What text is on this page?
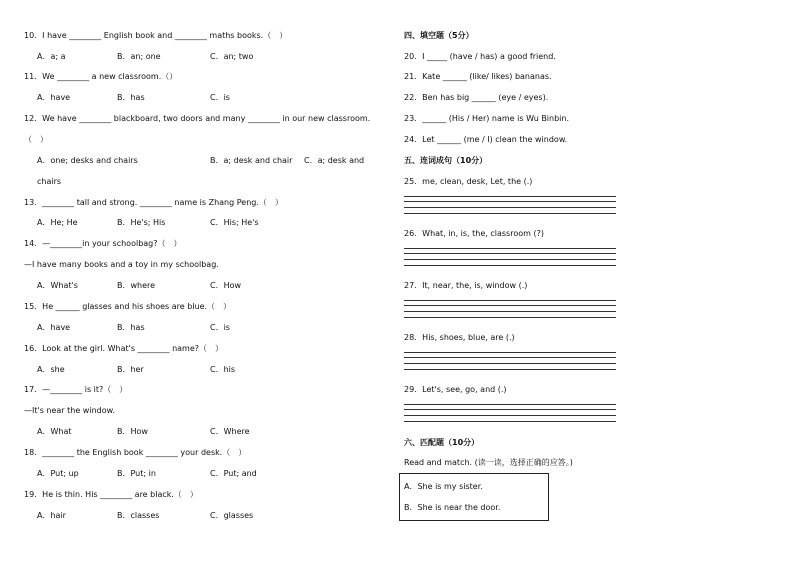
10．I have ________ English book and ________ maths books.（　）
A．a; a	B．an; one	C．an; two
11．We ________ a new classroom.（）
A．have	B．has	C．is
12．We have ________ blackboard, two doors and many ________ in our new classroom.
（　）
A．one; desks and chairs	B．a; desk and chair C．a; desk and
chairs
13．________ tall and strong. ________ name is Zhang Peng.（　）
A．He; He	B．He's; His	C．His; He's
14．—________in your schoolbag?（　）
—I have many books and a toy in my schoolbag.
A．What's	B．where	C．How
15．He ______ glasses and his shoes are blue.（　）
A．have	B．has	C．is
16．Look at the girl. What's ________ name?（　）
A．she	B．her	C．his
17．—________ is it?（　）
—It's near the window.
A．What	B．How	C．Where
18．________ the English book ________ your desk.（　）
A．Put; up	B．Put; in	C．Put; and
19．He is thin. His ________ are black.（　）
A．hair	B．classes	C．glasses
四、填空题（5分）
20．I _____ (have / has) a good friend.
21．Kate ______ (like/ likes) bananas.
22．Ben has big ______ (eye / eyes).
23．______ (His / Her) name is Wu Binbin.
24．Let ______ (me / I) clean the window.
五、连词成句（10分）
25．me, clean, desk, Let, the (.)
26．What, in, is, the, classroom (?)
27．It, near, the, is, window (.)
28．His, shoes, blue, are (.)
29．Let's, see, go, and (.)
六、匹配题（10分）
Read and match. (读一读，选择正确的应答。)
A．She is my sister.
B．She is near the door.
